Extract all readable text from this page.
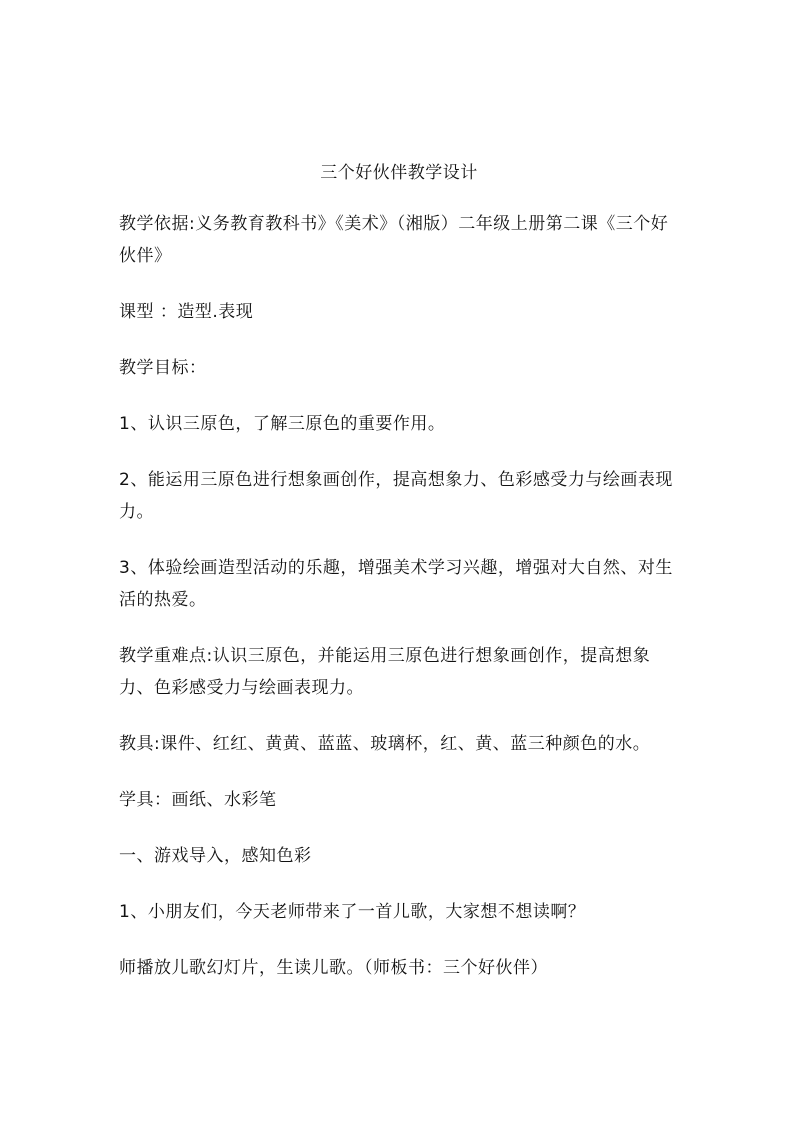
三个好伙伴教学设计

教学依据:义务教育教科书》《美术》（湘版）二年级上册第二课《三个好伙伴》

课型 ：造型.表现

教学目标：

1、认识三原色，了解三原色的重要作用。

2、能运用三原色进行想象画创作，提高想象力、色彩感受力与绘画表现力。

3、体验绘画造型活动的乐趣，增强美术学习兴趣，增强对大自然、对生活的热爱。

教学重难点:认识三原色，并能运用三原色进行想象画创作，提高想象力、色彩感受力与绘画表现力。

教具:课件、红红、黄黄、蓝蓝、玻璃杯，红、黄、蓝三种颜色的水。

学具：画纸、水彩笔

一、游戏导入，感知色彩

1、小朋友们，今天老师带来了一首儿歌，大家想不想读啊？

师播放儿歌幻灯片，生读儿歌。（师板书：三个好伙伴）
